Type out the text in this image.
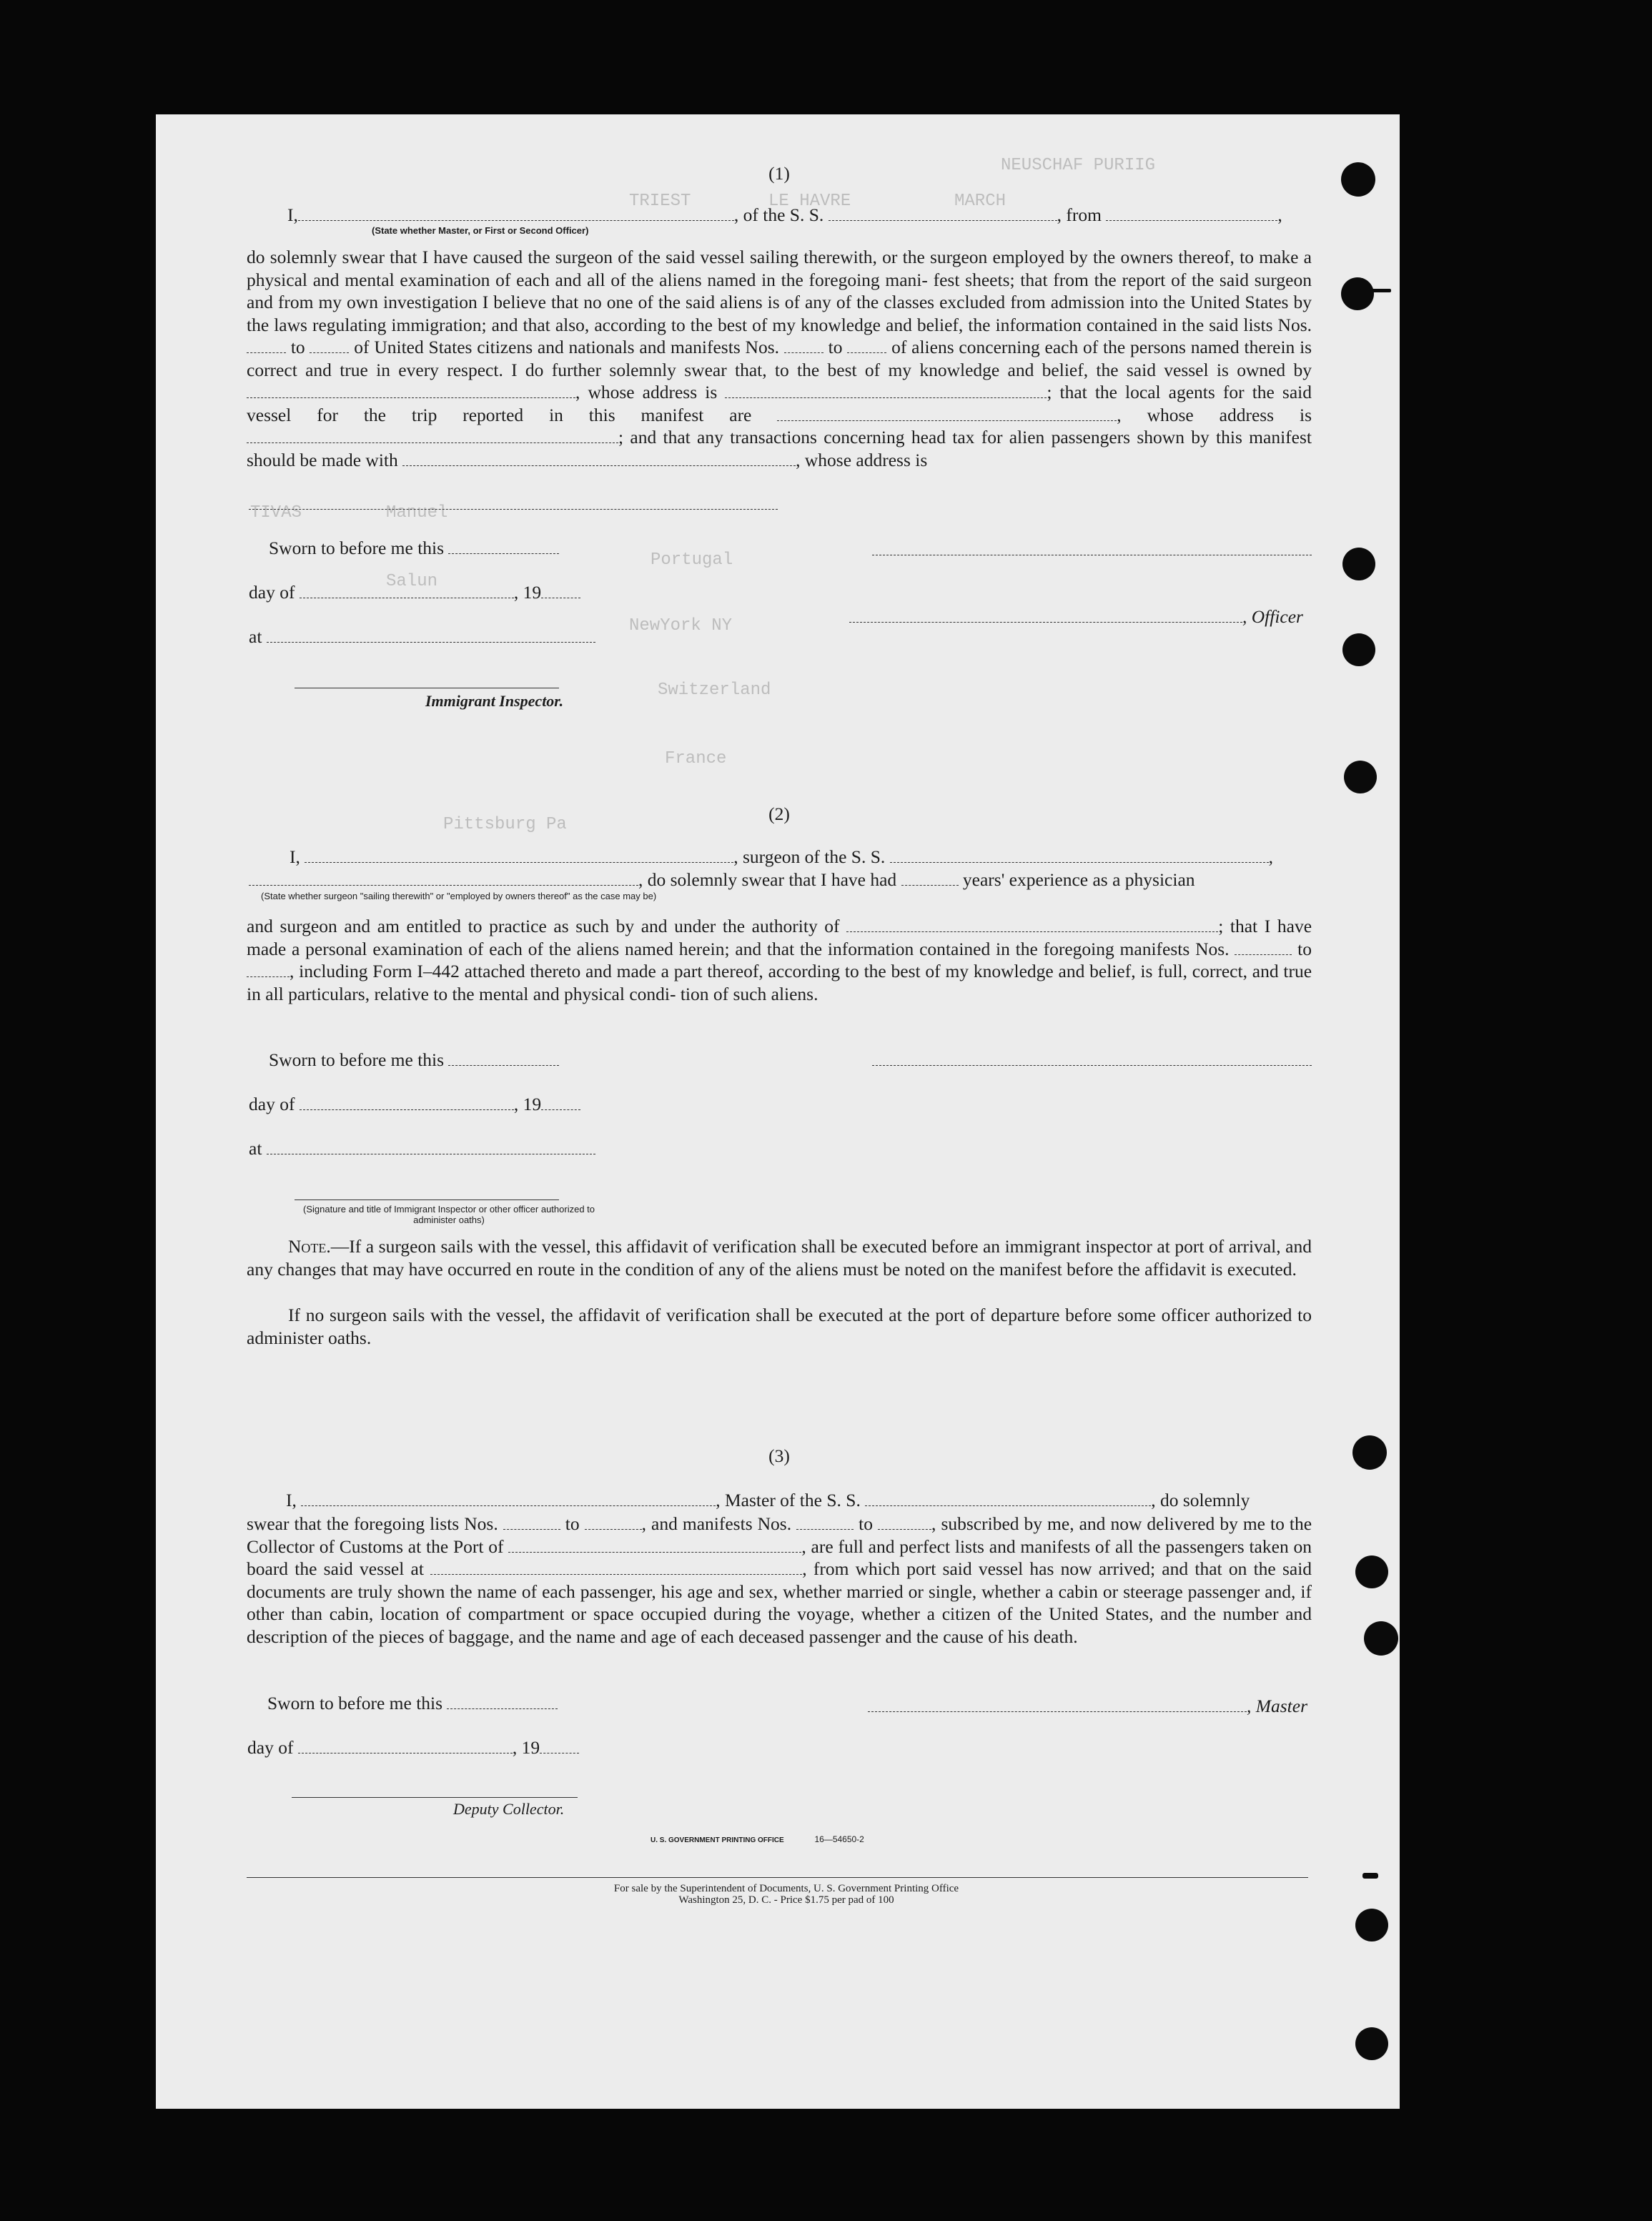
NEUSCHAF PURIIG
TRIEST	LE HAVRE	MARCH
TIVAS	Manuel
Portugal
Salun
NewYork NY
Switzerland
France
Pittsburg Pa
(1)
I,	, of the S. S.	, from	,
(State whether Master, or First or Second Officer)
do solemnly swear that I have caused the surgeon of the said vessel sailing therewith, or the surgeon employed by the owners thereof, to make a physical and mental examination of each and all of the aliens named in the foregoing mani- fest sheets; that from the report of the said surgeon and from my own investigation I believe that no one of the said aliens is of any of the classes excluded from admission into the United States by the laws regulating immigration; and that also, according to the best of my knowledge and belief, the information contained in the said lists Nos.  to	of United States citizens and nationals and manifests Nos.	to	of aliens concerning each of the persons named therein is correct and true in every respect. I do further solemnly swear that, to the best of my knowledge and belief, the said vessel is owned by , whose address is	; that the local agents for the said vessel for the trip reported in this manifest are	, whose address is ; and that any transactions concerning head tax for alien passengers shown by this manifest should be made with	, whose address is
Sworn to before me this
day of	, 19
, Officer
at
Immigrant Inspector.
(2)
I,	, surgeon of the S. S.	,
, do solemnly swear that I have had	years' experience as a physician
(State whether surgeon "sailing therewith" or "employed by owners thereof" as the case may be)
and surgeon and am entitled to practice as such by and under the authority of	; that I have made a personal examination of each of the aliens named herein; and that the information contained in the foregoing manifests Nos.	to , including Form I–442 attached thereto and made a part thereof, according to the best of my knowledge and belief, is full, correct, and true in all particulars, relative to the mental and physical condi- tion of such aliens.
Sworn to before me this
day of	, 19
at
(Signature and title of Immigrant Inspector or other officer authorized to administer oaths)
Note.—If a surgeon sails with the vessel, this affidavit of verification shall be executed before an immigrant inspector at port of arrival, and any changes that may have occurred en route in the condition of any of the aliens must be noted on the manifest before the affidavit is executed.
If no surgeon sails with the vessel, the affidavit of verification shall be executed at the port of departure before some officer authorized to administer oaths.
(3)
I,	, Master of the S. S.	, do solemnly
swear that the foregoing lists Nos.	to	, and manifests Nos.	to	, subscribed by me, and now delivered by me to the Collector of Customs at the Port of	, are full and perfect lists and manifests of all the passengers taken on board the said vessel at	, from which port said vessel has now arrived; and that on the said documents are truly shown the name of each passenger, his age and sex, whether married or single, whether a cabin or steerage passenger and, if other than cabin, location of compartment or space occupied during the voyage, whether a citizen of the United States, and the number and description of the pieces of baggage, and the name and age of each deceased passenger and the cause of his death.
Sworn to before me this	, Master
day of	, 19
Deputy Collector.
U. S. GOVERNMENT PRINTING OFFICE	16—54650-2
For sale by the Superintendent of Documents, U. S. Government Printing Office
Washington 25, D. C. - Price $1.75 per pad of 100
